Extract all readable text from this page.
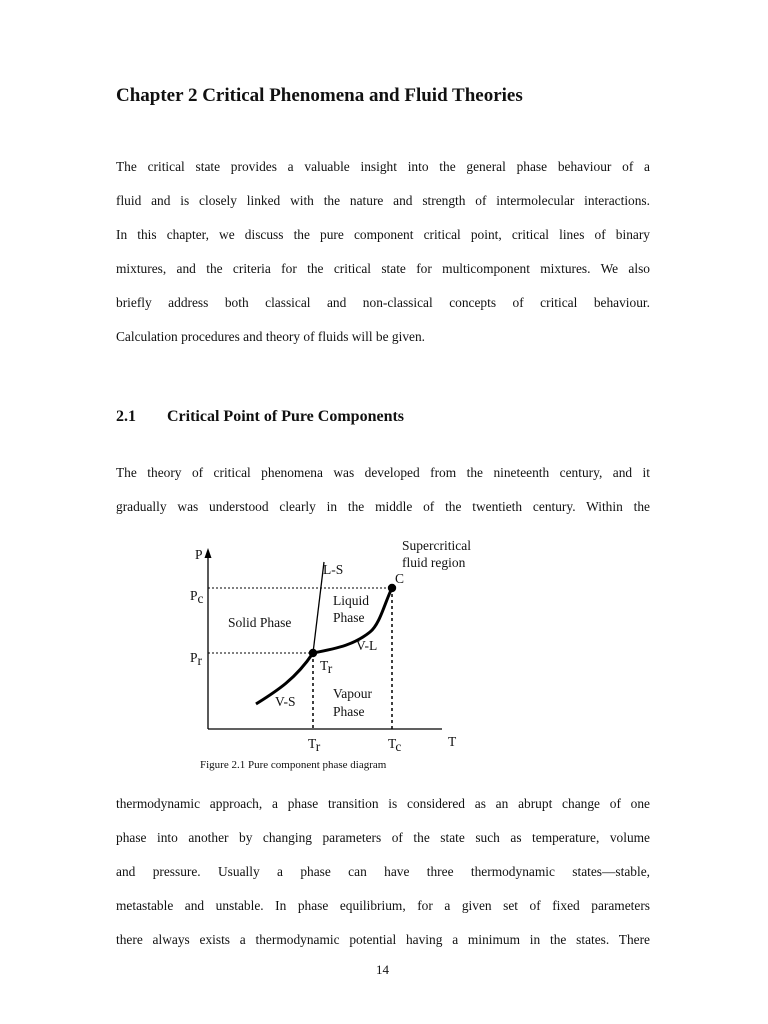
Chapter 2 Critical Phenomena and Fluid Theories

The critical state provides a valuable insight into the general phase behaviour of a
fluid and is closely linked with the nature and strength of intermolecular interactions.
In this chapter, we discuss the pure component critical point, critical lines of binary
mixtures, and the criteria for the critical state for multicomponent mixtures. We also
briefly address both classical and non-classical concepts of critical behaviour.
Calculation procedures and theory of fluids will be given.

2.1 Critical Point of Pure Components

The theory of critical phenomena was developed from the nineteenth century, and it
gradually was understood clearly in the middle of the twentieth century. Within the

P
T
Pc
Pr
Tr	Tc
Supercritical
fluid region
L-S
C
Liquid
Phase
Solid Phase
V-L
Tr
Vapour
Phase
V-S

Figure 2.1 Pure component phase diagram

thermodynamic approach, a phase transition is considered as an abrupt change of one
phase into another by changing parameters of the state such as temperature, volume
and pressure. Usually a phase can have three thermodynamic states—stable,
metastable and unstable. In phase equilibrium, for a given set of fixed parameters
there always exists a thermodynamic potential having a minimum in the states. There

14
